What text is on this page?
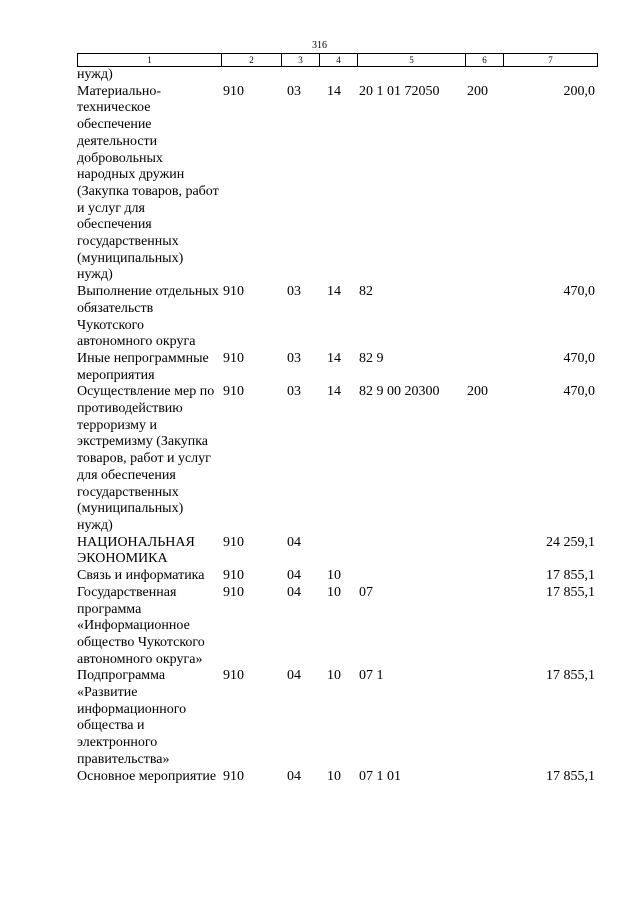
316
1	2	3	4	5	6	7
нужд)						
Материально-техническое обеспечение деятельности добровольных народных дружин (Закупка товаров, работ и услуг для обеспечения государственных (муниципальных) нужд)	910	03	14	20 1 01 72050	200	200,0
Выполнение отдельных обязательств Чукотского автономного округа	910	03	14	82		470,0
Иные непрограммные мероприятия	910	03	14	82 9		470,0
Осуществление мер по противодействию терроризму и экстремизму (Закупка товаров, работ и услуг для обеспечения государственных (муниципальных) нужд)	910	03	14	82 9 00 20300	200	470,0
НАЦИОНАЛЬНАЯ ЭКОНОМИКА	910	04				24 259,1
Связь и информатика	910	04	10			17 855,1
Государственная программа «Информационное общество Чукотского автономного округа»	910	04	10	07		17 855,1
Подпрограмма «Развитие информационного общества и электронного правительства»	910	04	10	07 1		17 855,1
Основное мероприятие	910	04	10	07 1 01		17 855,1
